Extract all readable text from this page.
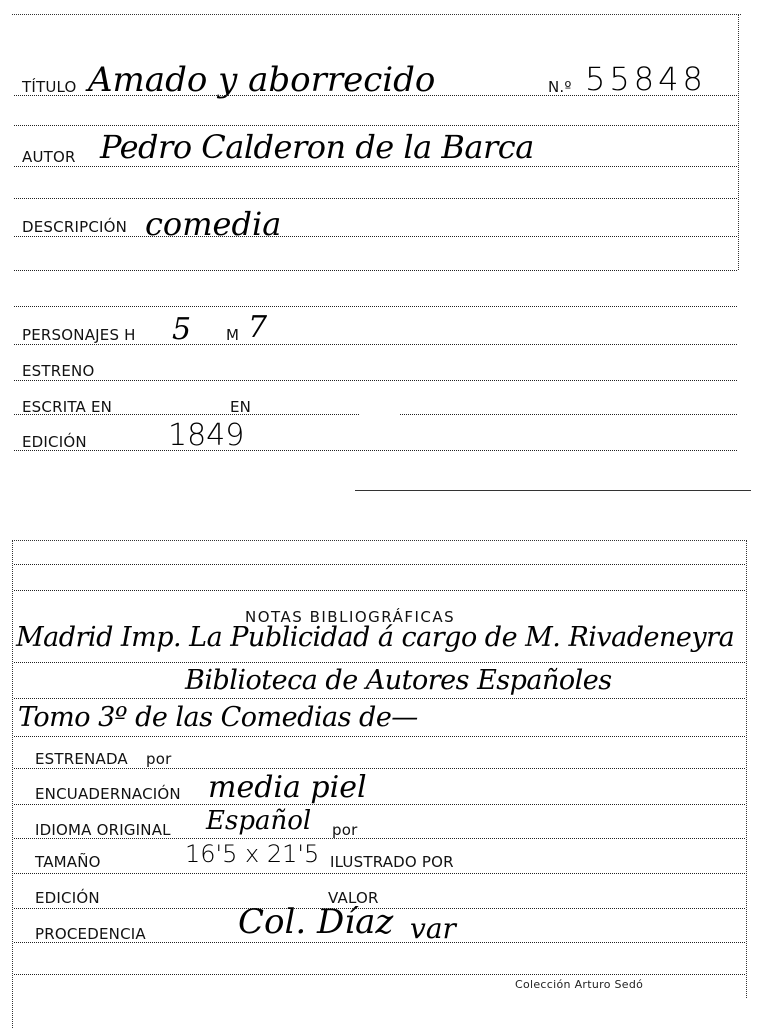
TÍTULO Amado y aborrecido	N.º 55848
AUTOR Pedro Calderon de la Barca
DESCRIPCIÓN comedia
PERSONAJES H 5 M 7
ESTRENO
ESCRITA EN	EN
EDICIÓN	1849
NOTAS BIBLIOGRÁFICAS
Madrid Imp. La Publicidad á cargo de M. Rivadeneyra
Biblioteca de Autores Españoles
Tomo 3º de las Comedias de—
ESTRENADA por
ENCUADERNACIÓN media piel
IDIOMA ORIGINAL Español por
TAMAÑO	16'5 x 21'5 ILUSTRADO POR
EDICIÓN	VALOR
PROCEDENCIA	Col. Díaz var
Colección Arturo Sedó
